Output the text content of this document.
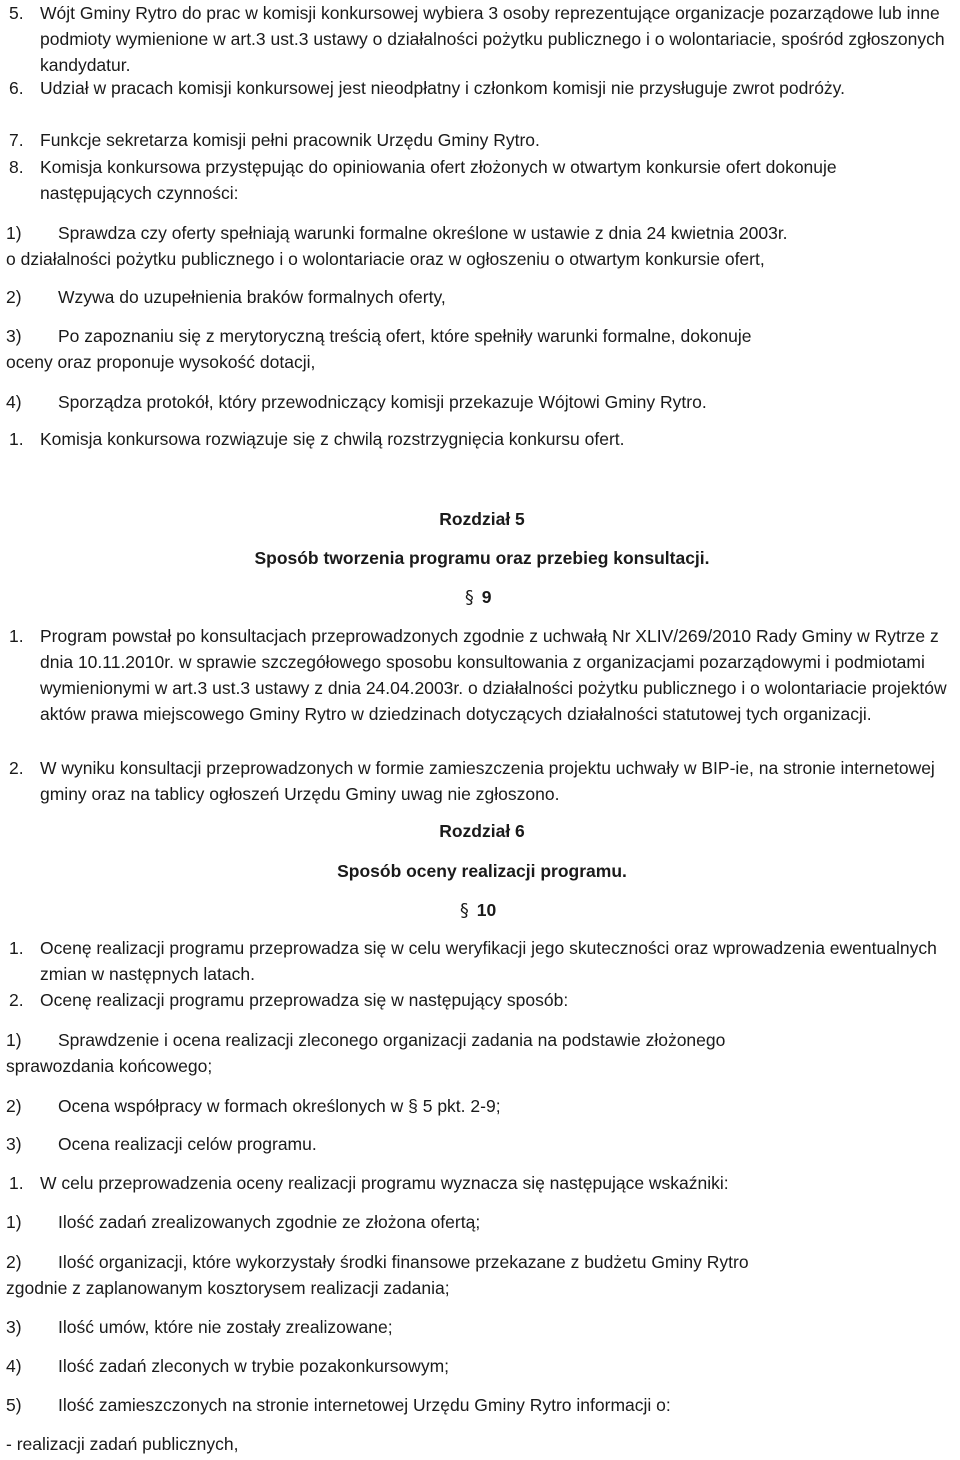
5. Wójt Gminy Rytro do prac w komisji konkursowej wybiera 3 osoby reprezentujące organizacje pozarządowe lub inne podmioty wymienione w art.3 ust.3 ustawy o działalności pożytku publicznego i o wolontariacie, spośród zgłoszonych kandydatur.
6. Udział w pracach komisji konkursowej jest nieodpłatny i członkom komisji nie przysługuje zwrot podróży.
7. Funkcje sekretarza komisji pełni pracownik Urzędu Gminy Rytro.
8. Komisja konkursowa przystępując do opiniowania ofert złożonych w otwartym konkursie ofert dokonuje następujących czynności:
1) Sprawdza czy oferty spełniają warunki formalne określone w ustawie z dnia 24 kwietnia 2003r.
o działalności pożytku publicznego i o wolontariacie oraz w ogłoszeniu o otwartym konkursie ofert,
2) Wzywa do uzupełnienia braków formalnych oferty,
3) Po zapoznaniu się z merytoryczną treścią ofert, które spełniły warunki formalne, dokonuje
oceny oraz proponuje wysokość dotacji,
4) Sporządza protokół, który przewodniczący komisji przekazuje Wójtowi Gminy Rytro.
1. Komisja konkursowa rozwiązuje się z chwilą rozstrzygnięcia konkursu ofert.
Rozdział 5
Sposób tworzenia programu oraz przebieg konsultacji.
§ 9
1. Program powstał po konsultacjach przeprowadzonych zgodnie z uchwałą Nr XLIV/269/2010 Rady Gminy w Rytrze z dnia 10.11.2010r. w sprawie szczegółowego sposobu konsultowania z organizacjami pozarządowymi i podmiotami wymienionymi w art.3 ust.3 ustawy z dnia 24.04.2003r. o działalności pożytku publicznego i o wolontariacie projektów aktów prawa miejscowego Gminy Rytro w dziedzinach dotyczących działalności statutowej tych organizacji.
2. W wyniku konsultacji przeprowadzonych w formie zamieszczenia projektu uchwały w BIP-ie, na stronie internetowej gminy oraz na tablicy ogłoszeń Urzędu Gminy uwag nie zgłoszono.
Rozdział 6
Sposób oceny realizacji programu.
§ 10
1. Ocenę realizacji programu przeprowadza się w celu weryfikacji jego skuteczności oraz wprowadzenia ewentualnych zmian w następnych latach.
2. Ocenę realizacji programu przeprowadza się w następujący sposób:
1) Sprawdzenie i ocena realizacji zleconego organizacji zadania na podstawie złożonego
sprawozdania końcowego;
2) Ocena współpracy w formach określonych w § 5 pkt. 2-9;
3) Ocena realizacji celów programu.
1. W celu przeprowadzenia oceny realizacji programu wyznacza się następujące wskaźniki:
1) Ilość zadań zrealizowanych zgodnie ze złożona ofertą;
2) Ilość organizacji, które wykorzystały środki finansowe przekazane z budżetu Gminy Rytro
zgodnie z zaplanowanym kosztorysem realizacji zadania;
3) Ilość umów, które nie zostały zrealizowane;
4) Ilość zadań zleconych w trybie pozakonkursowym;
5) Ilość zamieszczonych na stronie internetowej Urzędu Gminy Rytro informacji o:
- realizacji zadań publicznych,
